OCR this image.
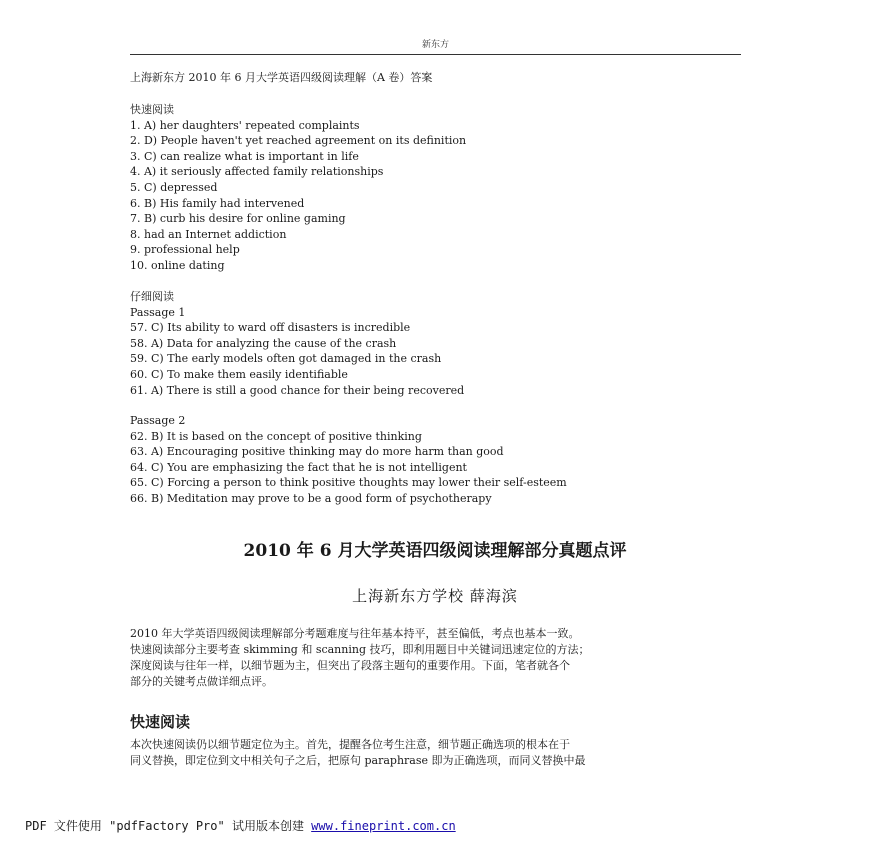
新东方
上海新东方 2010 年 6 月大学英语四级阅读理解（A 卷）答案
快速阅读
1. A) her daughters' repeated complaints
2. D) People haven't yet reached agreement on its definition
3. C) can realize what is important in life
4. A) it seriously affected family relationships
5. C) depressed
6. B) His family had intervened
7. B) curb his desire for online gaming
8. had an Internet addiction
9. professional help
10. online dating
仔细阅读
Passage 1
57. C) Its ability to ward off disasters is incredible
58. A) Data for analyzing the cause of the crash
59. C) The early models often got damaged in the crash
60. C) To make them easily identifiable
61. A) There is still a good chance for their being recovered
Passage 2
62. B) It is based on the concept of positive thinking
63. A) Encouraging positive thinking may do more harm than good
64. C) You are emphasizing the fact that he is not intelligent
65. C) Forcing a person to think positive thoughts may lower their self-esteem
66. B) Meditation may prove to be a good form of psychotherapy
2010 年 6 月大学英语四级阅读理解部分真题点评
上海新东方学校 薛海滨
2010 年大学英语四级阅读理解部分考题难度与往年基本持平，甚至偏低，考点也基本一致。
快速阅读部分主要考查 skimming 和 scanning 技巧，即利用题目中关键词迅速定位的方法；
深度阅读与往年一样，以细节题为主，但突出了段落主题句的重要作用。下面，笔者就各个
部分的关键考点做详细点评。
快速阅读
本次快速阅读仍以细节题定位为主。首先，提醒各位考生注意，细节题正确选项的根本在于
同义替换，即定位到文中相关句子之后，把原句 paraphrase 即为正确选项，而同义替换中最
PDF 文件使用 "pdfFactory Pro" 试用版本创建 www.fineprint.com.cn
